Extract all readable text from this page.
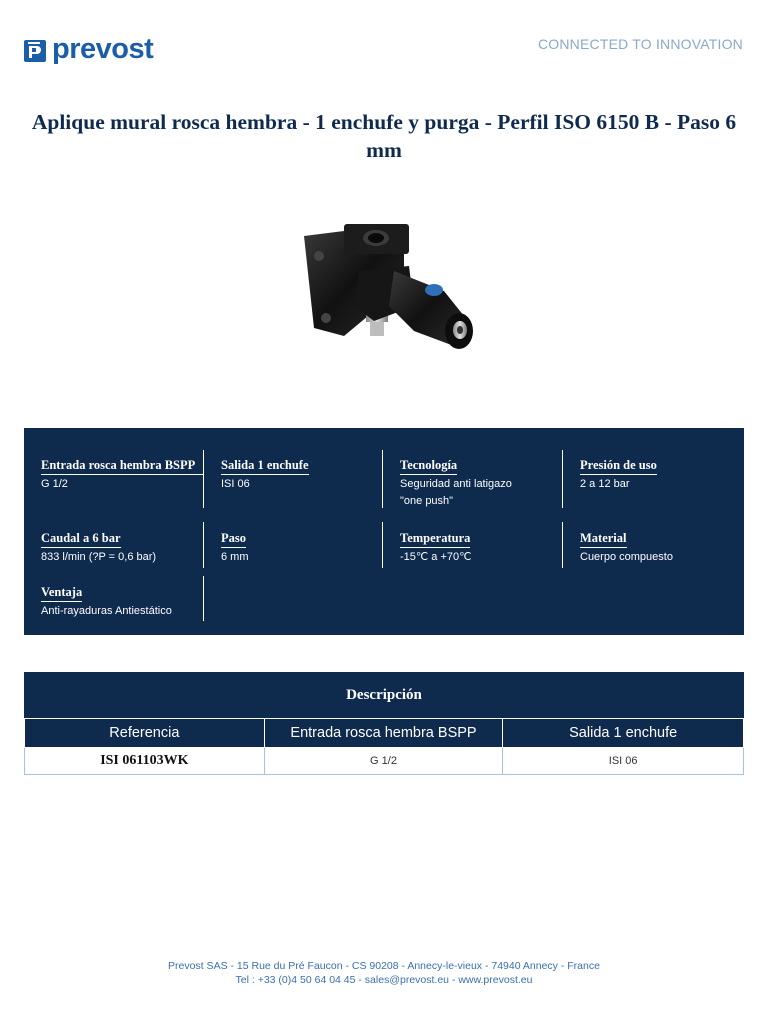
prevost	CONNECTED TO INNOVATION
Aplique mural rosca hembra - 1 enchufe y purga - Perfil ISO 6150 B - Paso 6 mm
Entrada rosca hembra BSPP
G 1/2
Salida 1 enchufe
ISI 06
Tecnología
Seguridad anti latigazo "one push"
Presión de uso
2 a 12 bar
Caudal a 6 bar
833 l/min (?P = 0,6 bar)
Paso
6 mm
Temperatura
-15℃ a +70℃
Material
Cuerpo compuesto
Ventaja
Anti-rayaduras Antiestático
Descripción
Referencia	Entrada rosca hembra BSPP	Salida 1 enchufe
ISI 061103WK	G 1/2	ISI 06
Prevost SAS - 15 Rue du Pré Faucon - CS 90208 - Annecy-le-vieux - 74940 Annecy - France
Tel : +33 (0)4 50 64 04 45 - sales@prevost.eu - www.prevost.eu
